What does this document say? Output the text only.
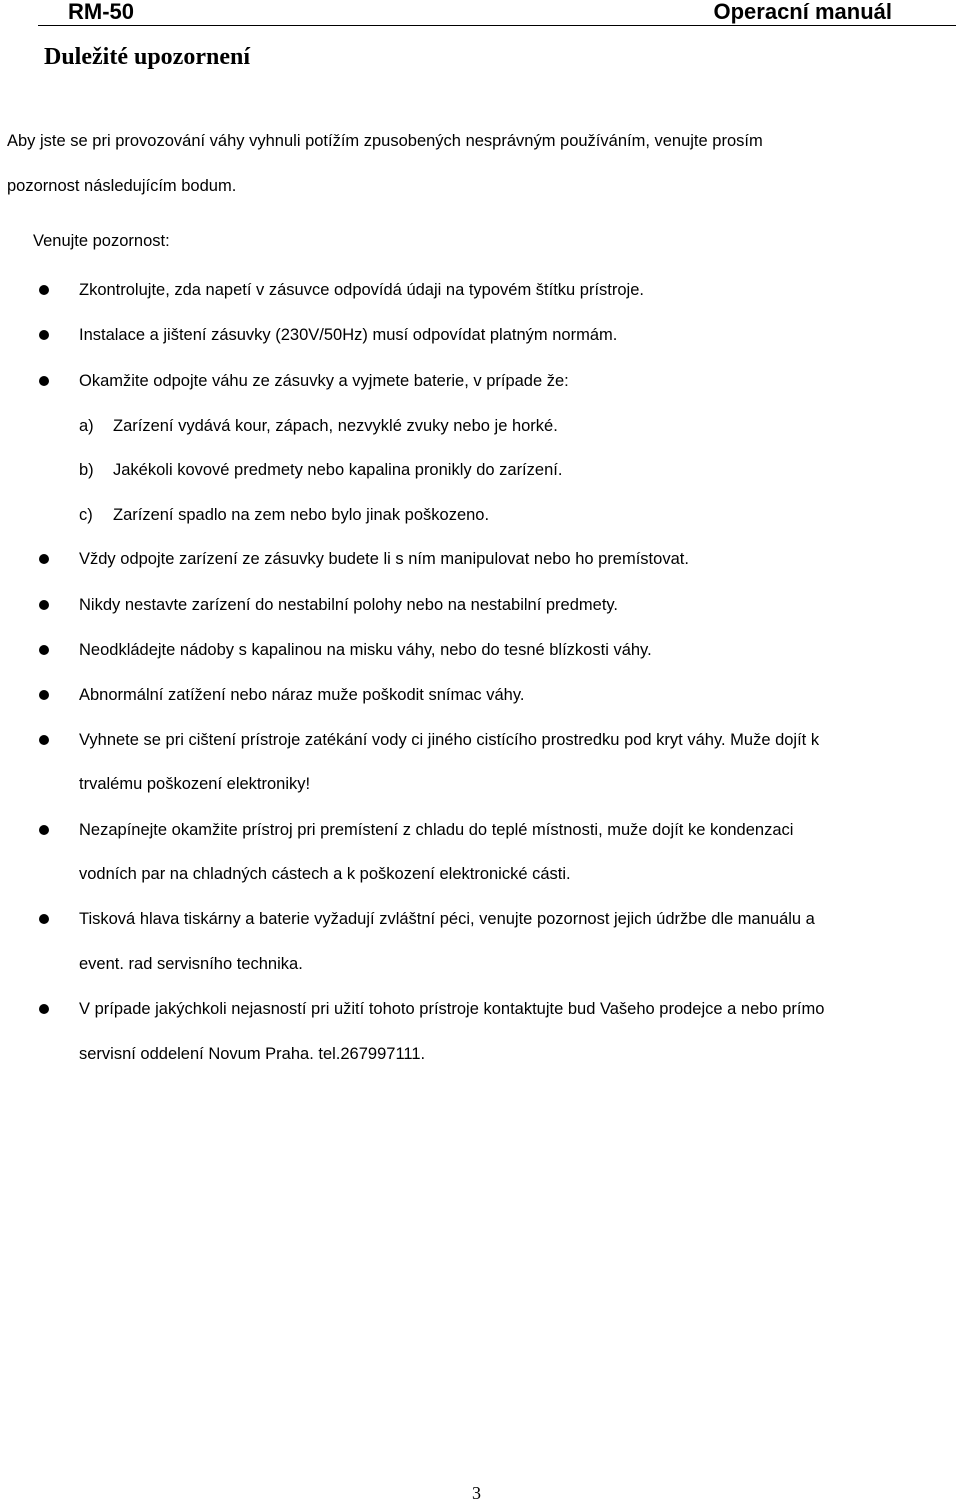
RM-50	Operacní manuál
Duležité upozornení
Aby jste se pri provozování váhy vyhnuli potížím zpusobených nesprávným používáním, venujte prosím
pozornost následujícím bodum.
Venujte pozornost:
Zkontrolujte, zda napetí v zásuvce odpovídá údaji na typovém štítku prístroje.
Instalace a jištení zásuvky (230V/50Hz) musí odpovídat platným normám.
Okamžite odpojte váhu ze zásuvky a vyjmete baterie, v prípade že:
a) Zarízení vydává kour, zápach, nezvyklé zvuky nebo je horké.
b) Jakékoli kovové predmety nebo kapalina pronikly do zarízení.
c) Zarízení spadlo na zem nebo bylo jinak poškozeno.
Vždy odpojte zarízení ze zásuvky budete li s ním manipulovat nebo ho premístovat.
Nikdy nestavte zarízení do nestabilní polohy nebo na nestabilní predmety.
Neodkládejte nádoby s kapalinou na misku váhy, nebo do tesné blízkosti váhy.
Abnormální zatížení nebo náraz muže poškodit snímac váhy.
Vyhnete se pri cištení prístroje zatékání vody ci jiného cistícího prostredku pod kryt váhy. Muže dojít k
trvalému poškození elektroniky!
Nezapínejte okamžite prístroj pri premístení z chladu do teplé místnosti, muže dojít ke kondenzaci
vodních par na chladných cástech a k poškození elektronické cásti.
Tisková hlava tiskárny a baterie vyžadují zvláštní péci, venujte pozornost jejich údržbe dle manuálu a
event. rad servisního technika.
V prípade jakýchkoli nejasností pri užití tohoto prístroje kontaktujte bud Vašeho prodejce a nebo prímo
servisní oddelení Novum Praha. tel.267997111.
3
